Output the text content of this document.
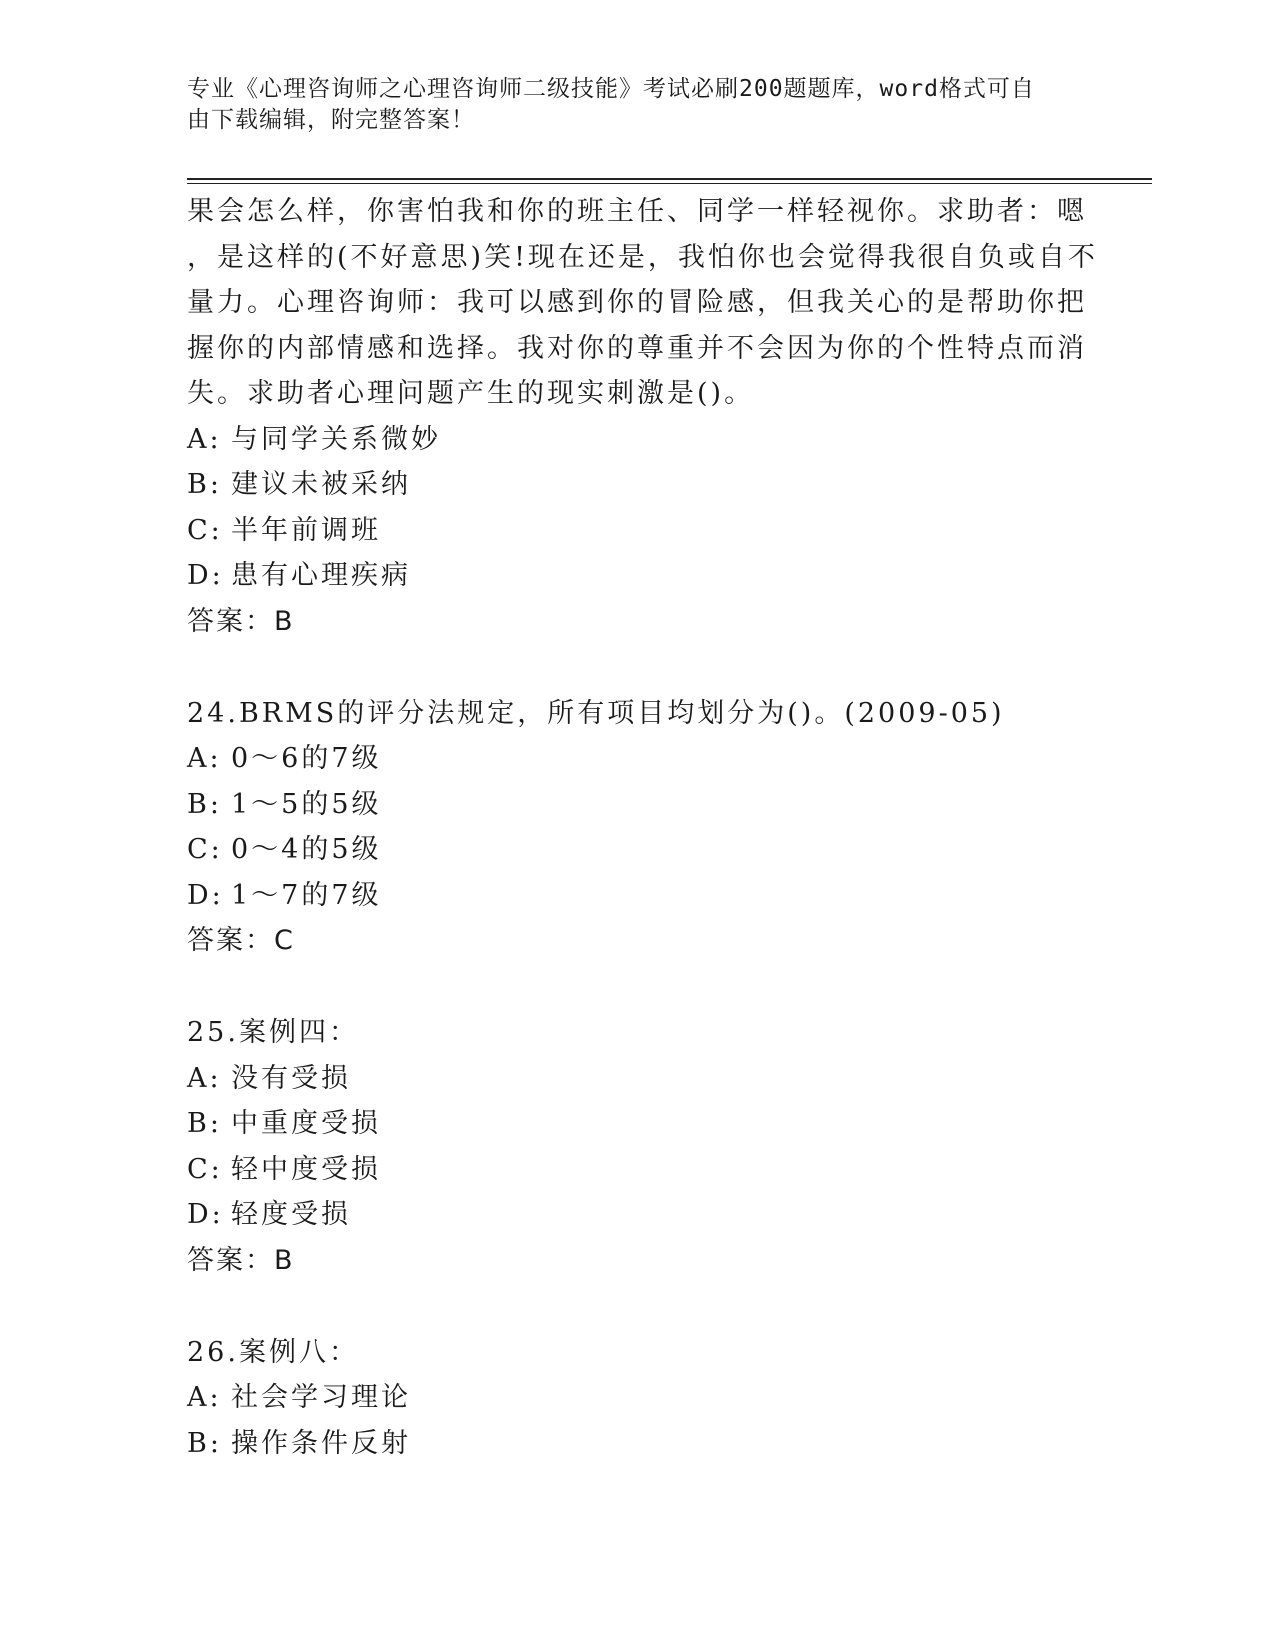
专业《心理咨询师之心理咨询师二级技能》考试必刷200题题库，word格式可自
由下载编辑，附完整答案！
果会怎么样，你害怕我和你的班主任、同学一样轻视你。求助者：嗯
，是这样的(不好意思)笑!现在还是，我怕你也会觉得我很自负或自不
量力。心理咨询师：我可以感到你的冒险感，但我关心的是帮助你把
握你的内部情感和选择。我对你的尊重并不会因为你的个性特点而消
失。求助者心理问题产生的现实刺激是()。
A: 与同学关系微妙
B: 建议未被采纳
C: 半年前调班
D: 患有心理疾病
答案：B
24.BRMS的评分法规定，所有项目均划分为()。(2009-05)
A: 0～6的7级
B: 1～5的5级
C: 0～4的5级
D: 1～7的7级
答案：C
25.案例四：
A: 没有受损
B: 中重度受损
C: 轻中度受损
D: 轻度受损
答案：B
26.案例八：
A: 社会学习理论
B: 操作条件反射
